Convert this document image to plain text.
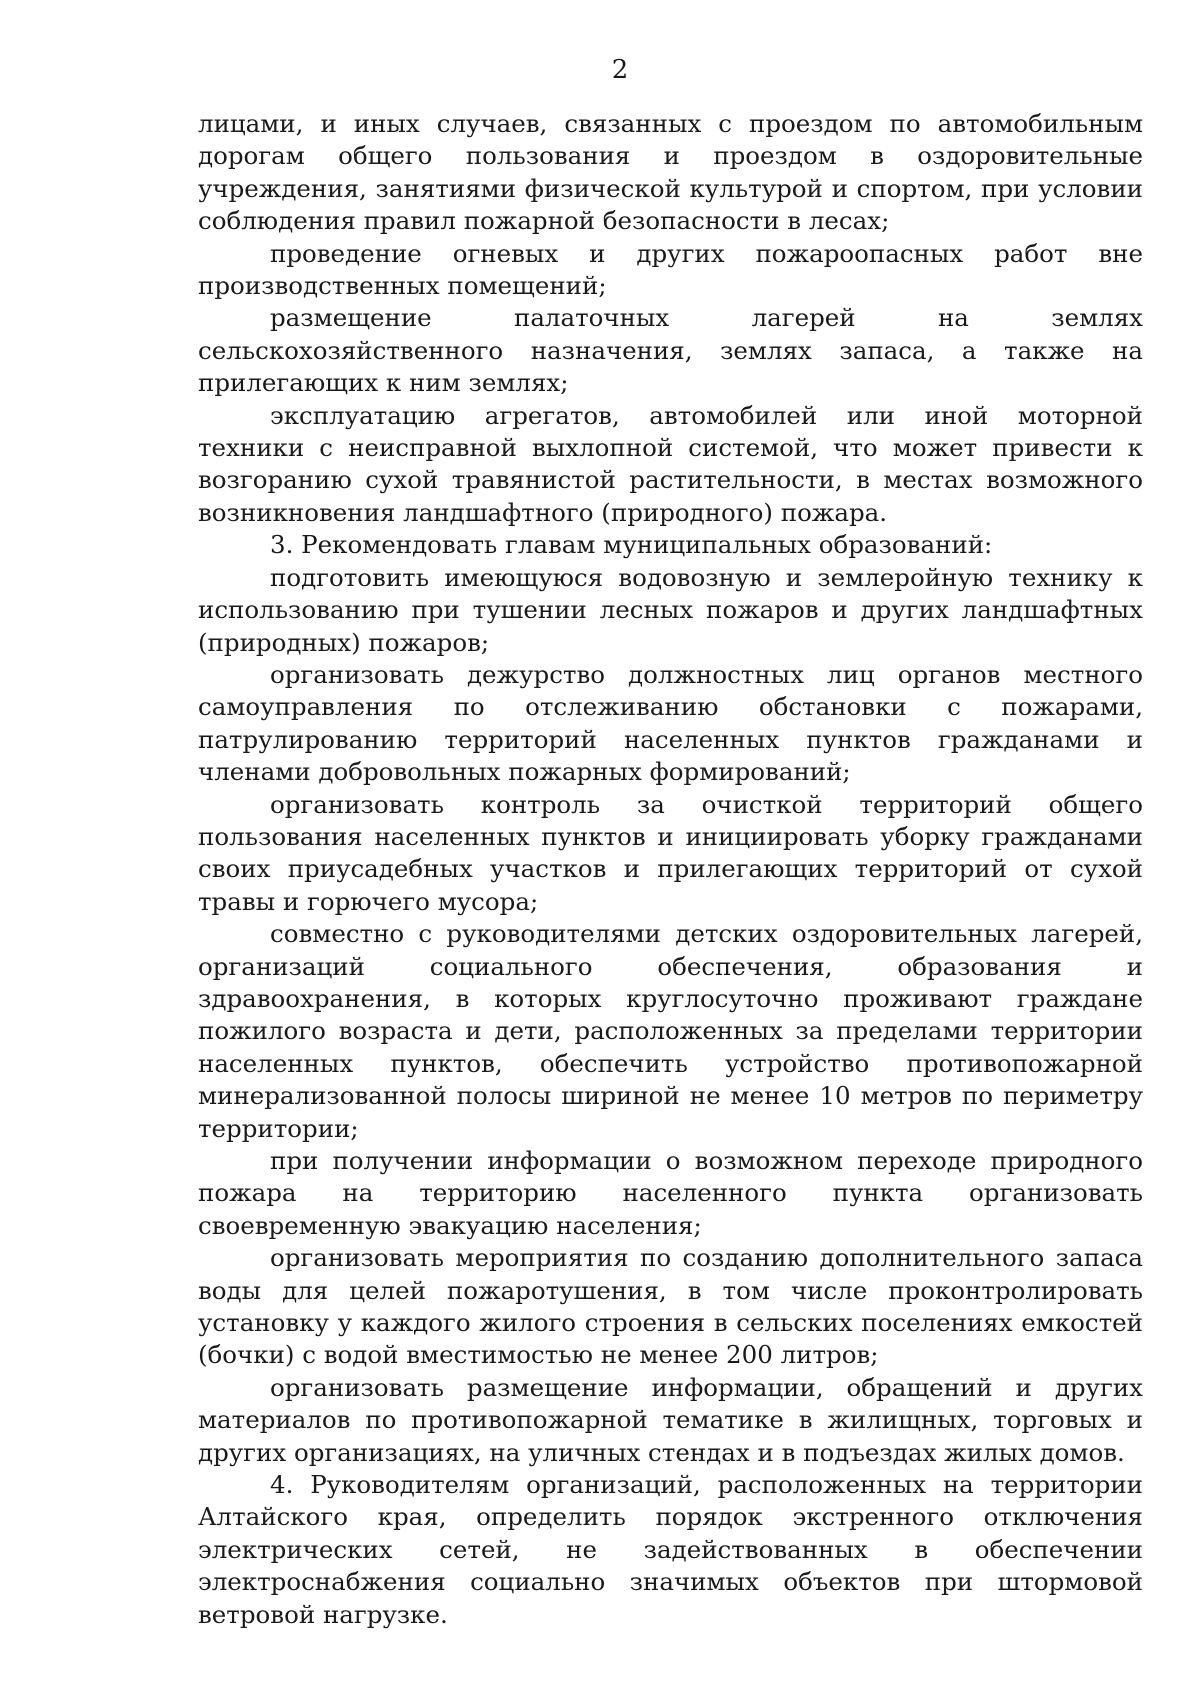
2

лицами, и иных случаев, связанных с проездом по автомобильным дорогам общего пользования и проездом в оздоровительные учреждения, занятиями физической культурой и спортом, при условии соблюдения правил пожарной безопасности в лесах;

проведение огневых и других пожароопасных работ вне производственных помещений;

размещение палаточных лагерей на землях сельскохозяйственного назначения, землях запаса, а также на прилегающих к ним землях;

эксплуатацию агрегатов, автомобилей или иной моторной техники с неисправной выхлопной системой, что может привести к возгоранию сухой травянистой растительности, в местах возможного возникновения ландшафтного (природного) пожара.

3. Рекомендовать главам муниципальных образований:

подготовить имеющуюся водовозную и землеройную технику к использованию при тушении лесных пожаров и других ландшафтных (природных) пожаров;

организовать дежурство должностных лиц органов местного самоуправления по отслеживанию обстановки с пожарами, патрулированию территорий населенных пунктов гражданами и членами добровольных пожарных формирований;

организовать контроль за очисткой территорий общего пользования населенных пунктов и инициировать уборку гражданами своих приусадебных участков и прилегающих территорий от сухой травы и горючего мусора;

совместно с руководителями детских оздоровительных лагерей, организаций социального обеспечения, образования и здравоохранения, в которых круглосуточно проживают граждане пожилого возраста и дети, расположенных за пределами территории населенных пунктов, обеспечить устройство противопожарной минерализованной полосы шириной не менее 10 метров по периметру территории;

при получении информации о возможном переходе природного пожара на территорию населенного пункта организовать своевременную эвакуацию населения;

организовать мероприятия по созданию дополнительного запаса воды для целей пожаротушения, в том числе проконтролировать установку у каждого жилого строения в сельских поселениях емкостей (бочки) с водой вместимостью не менее 200 литров;

организовать размещение информации, обращений и других материалов по противопожарной тематике в жилищных, торговых и других организациях, на уличных стендах и в подъездах жилых домов.

4. Руководителям организаций, расположенных на территории Алтайского края, определить порядок экстренного отключения электрических сетей, не задействованных в обеспечении электроснабжения социально значимых объектов при штормовой ветровой нагрузке.
